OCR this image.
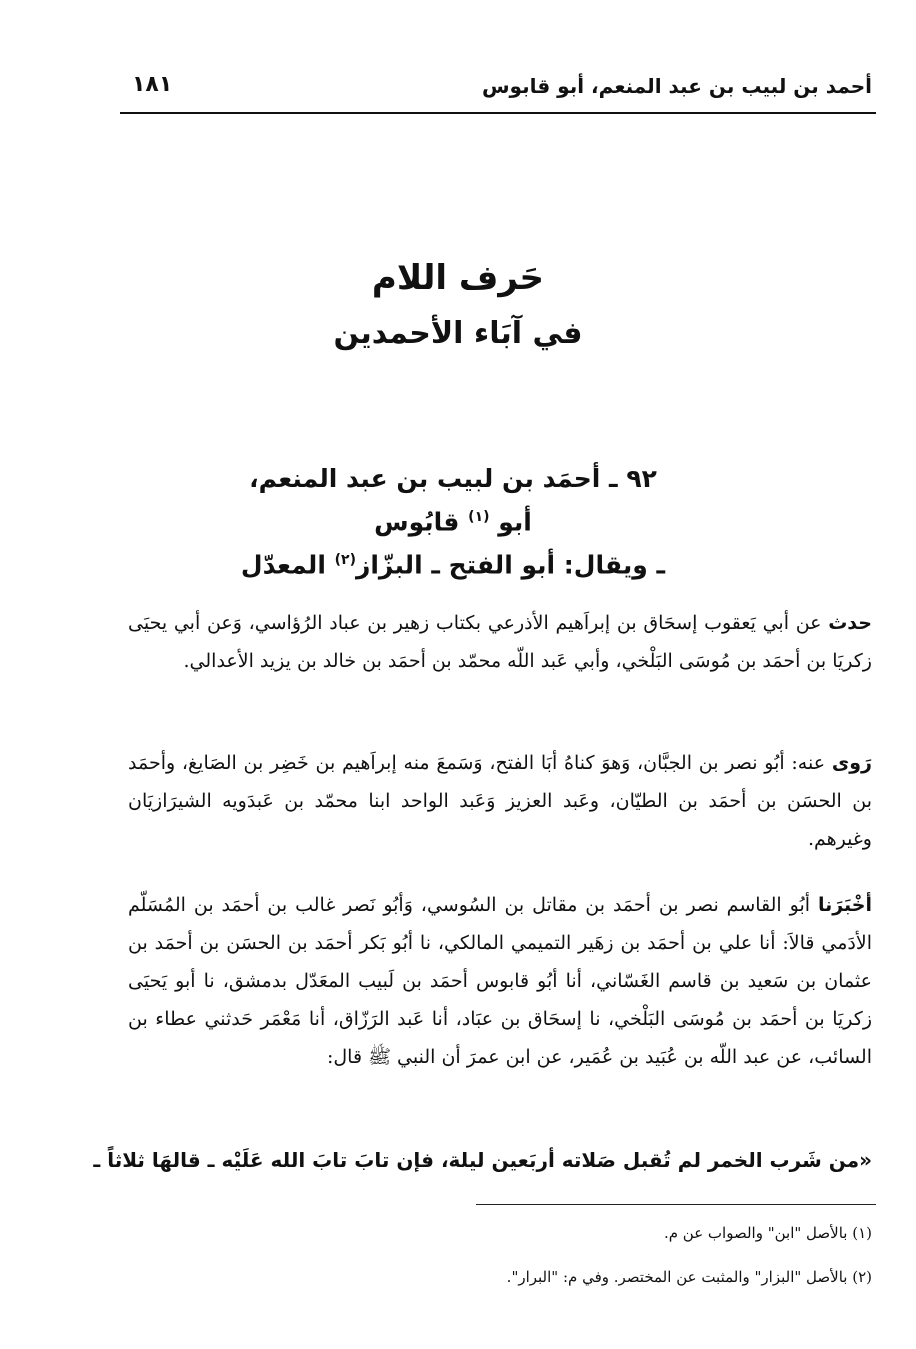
أحمد بن لبيب بن عبد المنعم، أبو قابوس
١٨١
حَرف اللام
في آبَاء الأحمدين
٩٢ ـ أحمَد بن لبيب بن عبد المنعم،
أبو $^{(١)}$ قابُوس
ـ ويقال: أبو الفتح ـ البزّاز$^{(٢)}$ المعدّل
حدث عن أبي يَعقوب إسحَاق بن إبراَهيم الأذرعي بكتاب زهير بن عباد الرُؤاسي، وَعن أبي يحيَى زكريَا بن أحمَد بن مُوسَى البَلْخي، وأبي عَبد اللّه محمّد بن أحمَد بن خالد بن يزيد الأعدالي.
رَوى عنه: أبُو نصر بن الجبَّان، وَهوَ كناهُ أبَا الفتح، وَسَمعَ منه إبراَهيم بن خَضِر بن الصَايغ، وأحمَد بن الحسَن بن أحمَد بن الطيّان، وعَبد العزيز وَعَبد الواحد ابنا محمّد بن عَبدَويه الشيرَازيَان وغيرهم.
أخْبَرَنا أبُو القاسم نصر بن أحمَد بن مقاتل بن السُوسي، وَأبُو نَصر غالب بن أحمَد بن المُسَلّم الأدَمي قالاَ: أنا علي بن أحمَد بن زهَير التميمي المالكي، نا أبُو بَكر أحمَد بن الحسَن بن أحمَد بن عثمان بن سَعيد بن قاسم الغَسّاني، أنا أبُو قابوس أحمَد بن لَبيب المعَدّل بدمشق، نا أبو يَحيَى زكريَا بن أحمَد بن مُوسَى البَلْخي، نا إسحَاق بن عبَاد، أنا عَبد الرَزّاق، أنا مَعْمَر حَدثني عطاء بن السائب، عن عبد اللّه بن عُبَيد بن عُمَير، عن ابن عمرَ أن النبي ﷺ قال:
«من شَرب الخمر لم تُقبل صَلاته أربَعين ليلة، فإن تابَ تابَ الله عَلَيْه ـ قالهَا ثلاثاً ـ
(١) بالأصل "ابن" والصواب عن م.
(٢) بالأصل "البزار" والمثبت عن المختصر. وفي م: "البرار".
